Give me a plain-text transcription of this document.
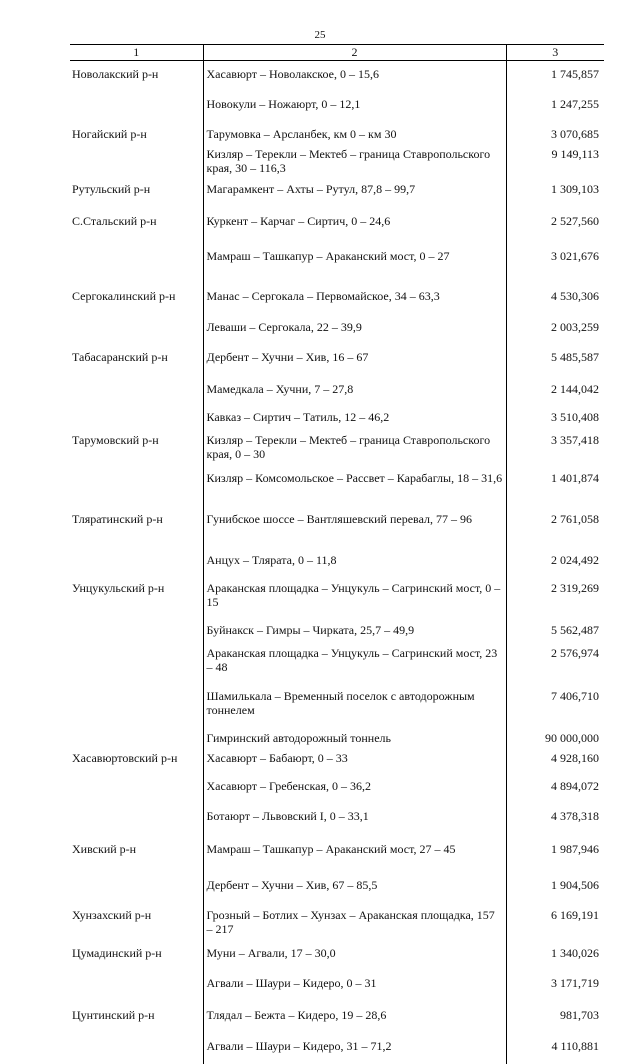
25
1	2	3
Новолакский р-н	Хасавюрт – Новолакское, 0 – 15,6	1 745,857
	Новокули – Ножаюрт, 0 – 12,1	1 247,255
Ногайский р-н	Тарумовка – Арсланбек, км 0 – км 30	3 070,685
	Кизляр – Терекли – Мектеб – граница Ставропольского края, 30 – 116,3	9 149,113
Рутульский р-н	Магарамкент – Ахты – Рутул, 87,8 – 99,7	1 309,103
С.Стальский р-н	Куркент – Карчаг – Сиртич, 0 – 24,6	2 527,560
	Мамраш – Ташкапур – Араканский мост, 0 – 27	3 021,676
Сергокалинский р-н	Манас – Сергокала – Первомайское, 34 – 63,3	4 530,306
	Леваши – Сергокала, 22 – 39,9	2 003,259
Табасаранский р-н	Дербент – Хучни – Хив, 16 – 67	5 485,587
	Мамедкала – Хучни, 7 – 27,8	2 144,042
	Кавказ – Сиртич – Татиль, 12 – 46,2	3 510,408
Тарумовский р-н	Кизляр – Терекли – Мектеб – граница Ставропольского края, 0 – 30	3 357,418
	Кизляр – Комсомольское – Рассвет – Карабаглы, 18 – 31,6	1 401,874
Тляратинский р-н	Гунибское шоссе – Вантляшевский перевал, 77 – 96	2 761,058
	Анцух – Тлярата, 0 – 11,8	2 024,492
Унцукульский р-н	Араканская площадка – Унцукуль – Сагринский мост, 0 – 15	2 319,269
	Буйнакск – Гимры – Чирката, 25,7 – 49,9	5 562,487
	Араканская площадка – Унцукуль – Сагринский мост, 23 – 48	2 576,974
	Шамилькала – Временный поселок с автодорожным тоннелем	7 406,710
	Гимринский автодорожный тоннель	90 000,000
Хасавюртовский р-н	Хасавюрт – Бабаюрт, 0 – 33	4 928,160
	Хасавюрт – Гребенская, 0 – 36,2	4 894,072
	Ботаюрт – Львовский I, 0 – 33,1	4 378,318
Хивский р-н	Мамраш – Ташкапур – Араканский мост, 27 – 45	1 987,946
	Дербент – Хучни – Хив, 67 – 85,5	1 904,506
Хунзахский р-н	Грозный – Ботлих – Хунзах – Араканская площадка, 157 – 217	6 169,191
Цумадинский р-н	Муни – Агвали, 17 – 30,0	1 340,026
	Агвали – Шаури – Кидеро, 0 – 31	3 171,719
Цунтинский р-н	Тлядал – Бежта – Кидеро, 19 – 28,6	981,703
	Агвали – Шаури – Кидеро, 31 – 71,2	4 110,881
